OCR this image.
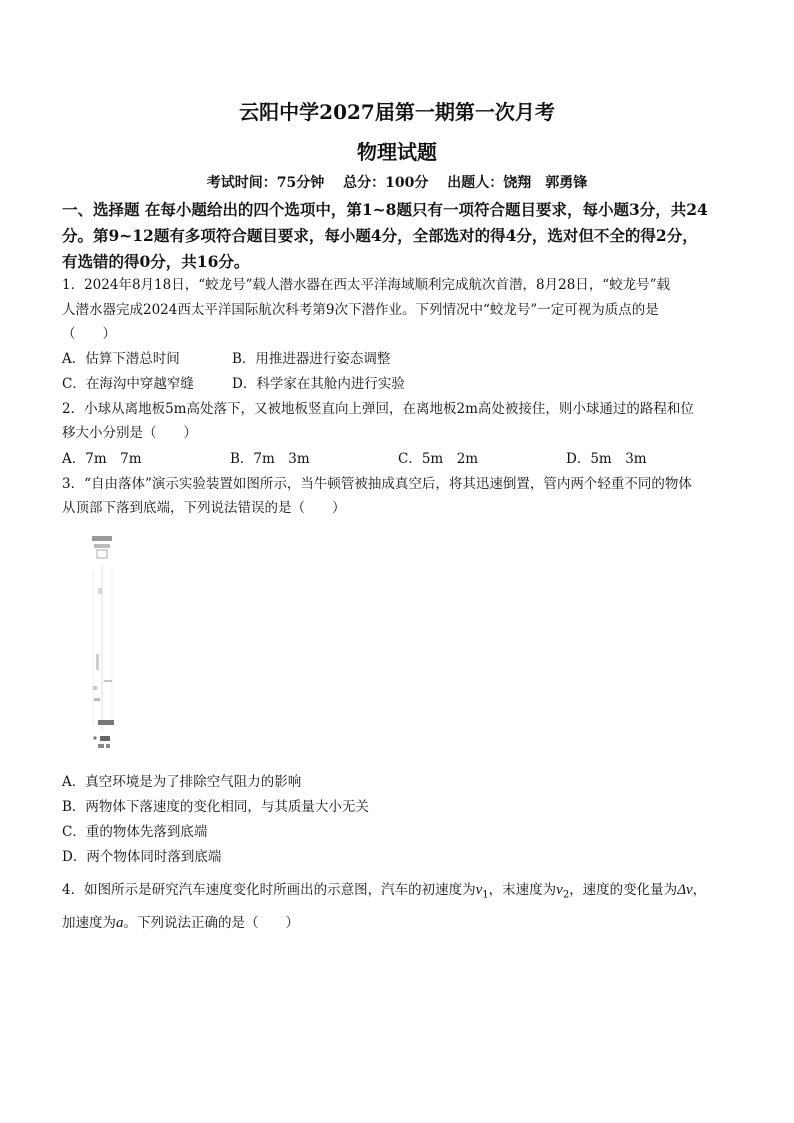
云阳中学2027届第一期第一次月考
物理试题
考试时间：75分钟 总分：100分 出题人：饶翔　郭勇锋
一、选择题 在每小题给出的四个选项中，第1~8题只有一项符合题目要求，每小题3分，共24
分。第9~12题有多项符合题目要求，每小题4分，全部选对的得4分，选对但不全的得2分，
有选错的得0分，共16分。
1．2024年8月18日，“蛟龙号”载人潜水器在西太平洋海域顺利完成航次首潜，8月28日，“蛟龙号”载
人潜水器完成2024西太平洋国际航次科考第9次下潜作业。下列情况中“蛟龙号”一定可视为质点的是
（　　）
A．估算下潜总时间	B．用推进器进行姿态调整
C．在海沟中穿越窄缝	D．科学家在其舱内进行实验
2．小球从离地板5m高处落下，又被地板竖直向上弹回，在离地板2m高处被接住，则小球通过的路程和位
移大小分别是（　　）
A．7m　7m	B．7m　3m	C．5m　2m	D．5m　3m
3．“自由落体”演示实验装置如图所示，当牛顿管被抽成真空后，将其迅速倒置，管内两个轻重不同的物体
从顶部下落到底端，下列说法错误的是（　　）
A．真空环境是为了排除空气阻力的影响
B．两物体下落速度的变化相同，与其质量大小无关
C．重的物体先落到底端
D．两个物体同时落到底端
4．如图所示是研究汽车速度变化时所画出的示意图，汽车的初速度为$v_1$，末速度为$v_2$，速度的变化量为Δv，
加速度为a。下列说法正确的是（　　）
